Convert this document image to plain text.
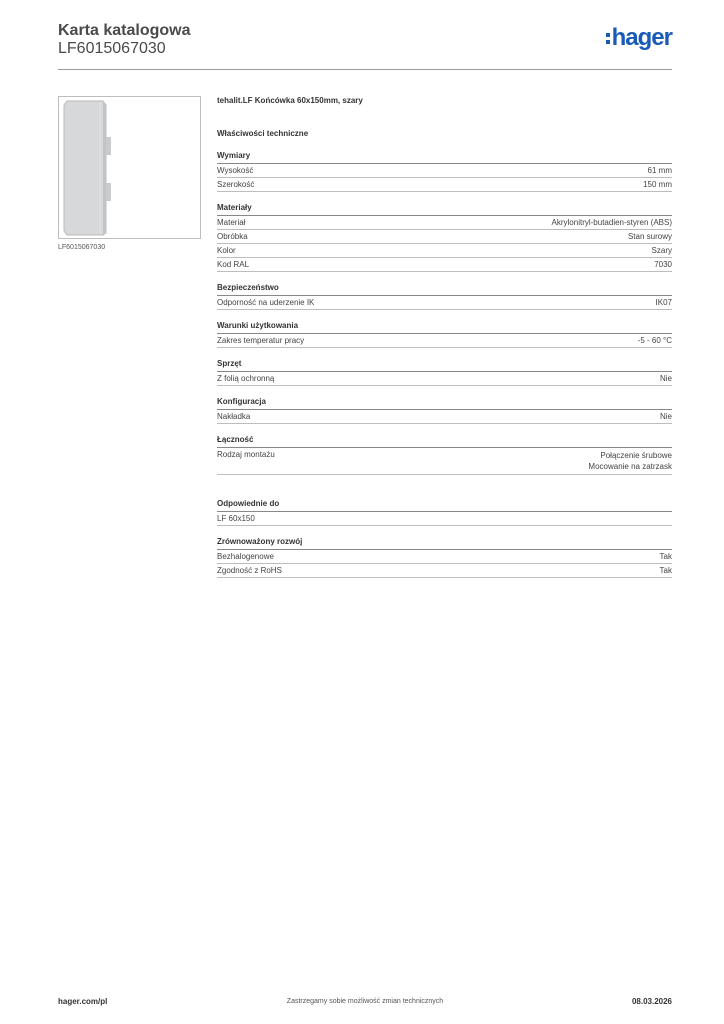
Karta katalogowa
LF6015067030	hager
LF6015067030
tehalit.LF Końcówka 60x150mm, szary
Właściwości techniczne
Wymiary
Wysokość	61 mm
Szerokość	150 mm
Materiały
Materiał	Akrylonitryl-butadien-styren (ABS)
Obróbka	Stan surowy
Kolor	Szary
Kod RAL	7030
Bezpieczeństwo
Odporność na uderzenie IK	IK07
Warunki użytkowania
Zakres temperatur pracy	-5 - 60 °C
Sprzęt
Z folią ochronną	Nie
Konfiguracja
Nakładka	Nie
Łączność
Rodzaj montażu	Połączenie śrubowe
Mocowanie na zatrzask
Odpowiednie do
LF 60x150
Zrównoważony rozwój
Bezhalogenowe	Tak
Zgodność z RoHS	Tak
hager.com/pl	Zastrzegamy sobie możliwość zmian technicznych	08.03.2026
